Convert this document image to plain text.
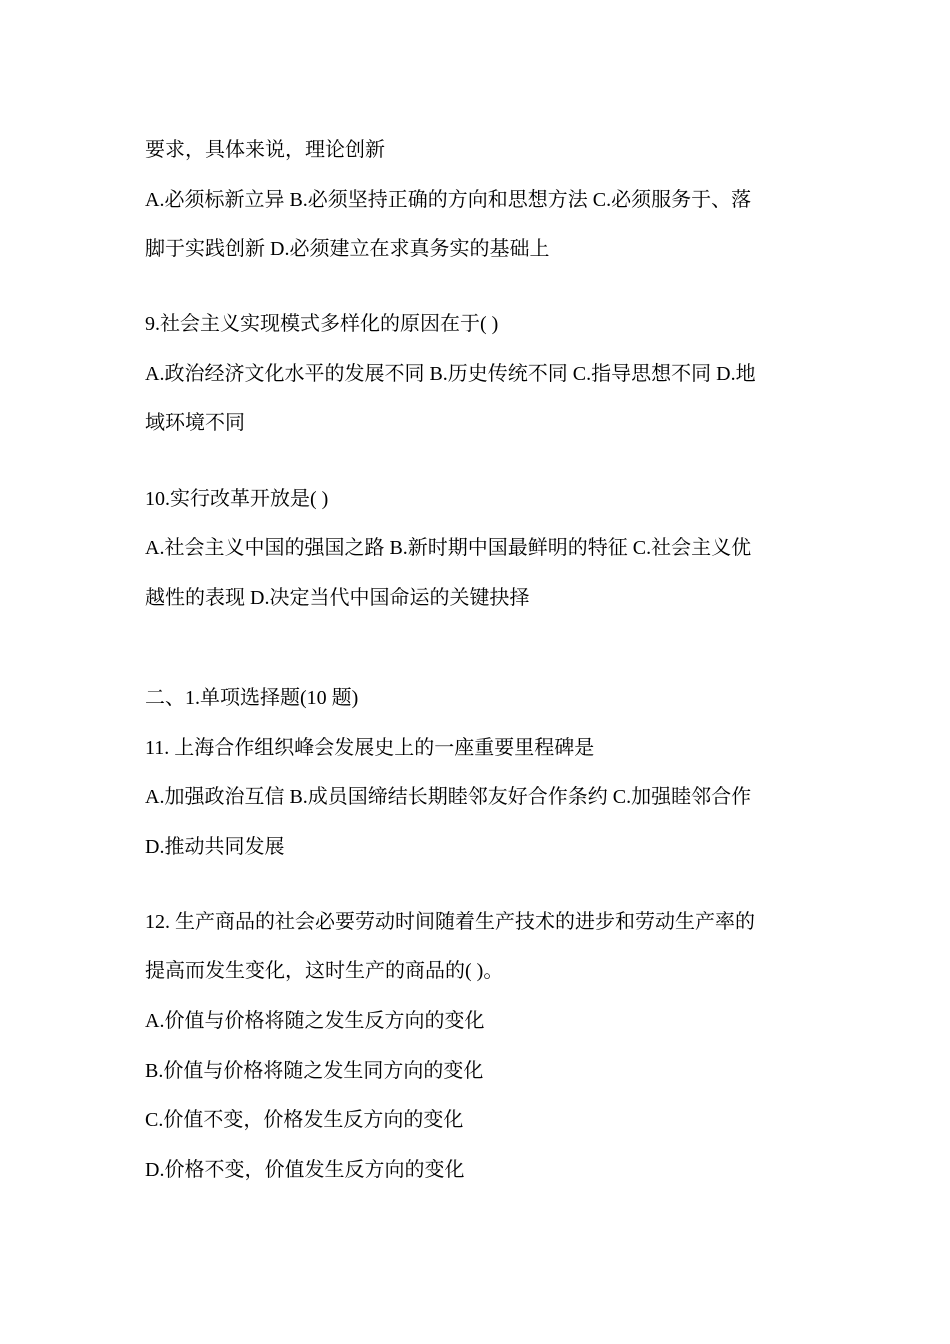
要求，具体来说，理论创新
A.必须标新立异 B.必须坚持正确的方向和思想方法 C.必须服务于、落
脚于实践创新 D.必须建立在求真务实的基础上
9.社会主义实现模式多样化的原因在于( )
A.政治经济文化水平的发展不同 B.历史传统不同 C.指导思想不同 D.地
域环境不同
10.实行改革开放是( )
A.社会主义中国的强国之路 B.新时期中国最鲜明的特征 C.社会主义优
越性的表现 D.决定当代中国命运的关键抉择
二、1.单项选择题(10 题)
11. 上海合作组织峰会发展史上的一座重要里程碑是
A.加强政治互信 B.成员国缔结长期睦邻友好合作条约 C.加强睦邻合作
D.推动共同发展
12. 生产商品的社会必要劳动时间随着生产技术的进步和劳动生产率的
提高而发生变化，这时生产的商品的( )。
A.价值与价格将随之发生反方向的变化
B.价值与价格将随之发生同方向的变化
C.价值不变，价格发生反方向的变化
D.价格不变，价值发生反方向的变化
